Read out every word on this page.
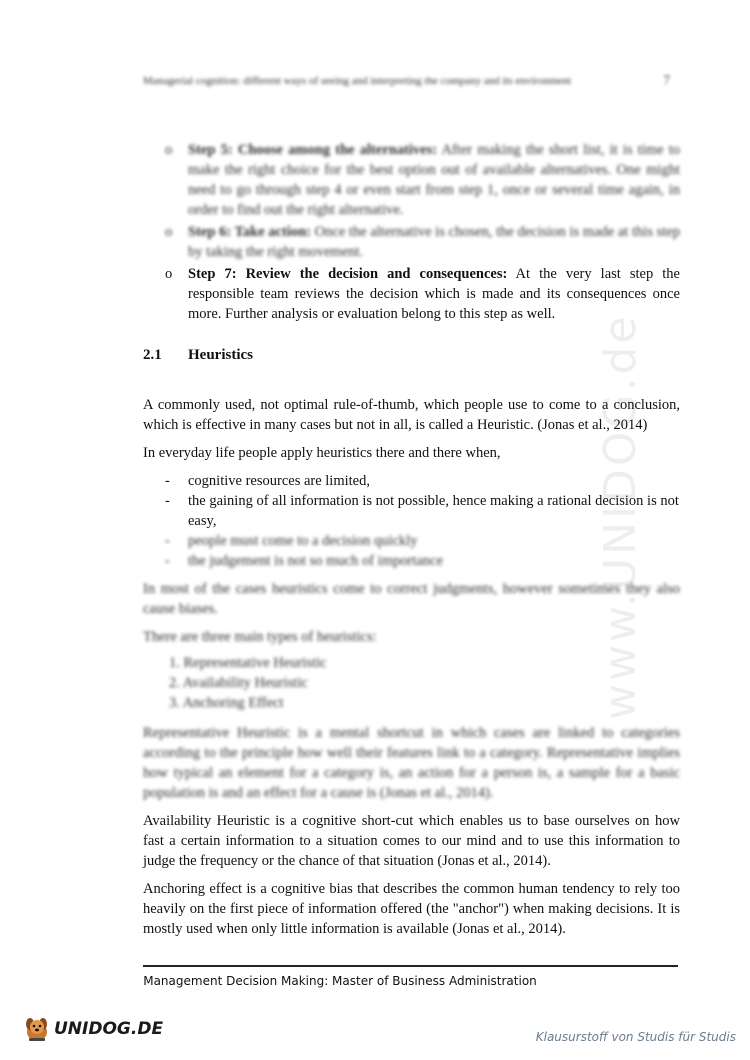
Managerial cognition: different ways of seeing and interpreting the company and its environment	7
www.UNIDOG.de
o	Step 5: Choose among the alternatives: After making the short list, it is time to make the right choice for the best option out of available alternatives. One might need to go through step 4 or even start from step 1, once or several time again, in order to find out the right alternative.
o	Step 6: Take action: Once the alternative is chosen, the decision is made at this step by taking the right movement.
o	Step 7: Review the decision and consequences: At the very last step the responsible team reviews the decision which is made and its consequences once more. Further analysis or evaluation belong to this step as well.
2.1	Heuristics

A commonly used, not optimal rule-of-thumb, which people use to come to a conclusion, which is effective in many cases but not in all, is called a Heuristic. (Jonas et al., 2014)

In everyday life people apply heuristics there and there when,

-	cognitive resources are limited,
-	the gaining of all information is not possible, hence making a rational decision is not easy,
-	people must come to a decision quickly
-	the judgement is not so much of importance

In most of the cases heuristics come to correct judgments, however sometimes they also cause biases.

There are three main types of heuristics:

1. Representative Heuristic
2. Availability Heuristic
3. Anchoring Effect

Representative Heuristic is a mental shortcut in which cases are linked to categories according to the principle how well their features link to a category. Representative implies how typical an element for a category is, an action for a person is, a sample for a basic population is and an effect for a cause is (Jonas et al., 2014).

Availability Heuristic is a cognitive short-cut which enables us to base ourselves on how fast a certain information to a situation comes to our mind and to use this information to judge the frequency or the chance of that situation (Jonas et al., 2014).

Anchoring effect is a cognitive bias that describes the common human tendency to rely too heavily on the first piece of information offered (the "anchor") when making decisions. It is mostly used when only little information is available (Jonas et al., 2014).

Management Decision Making: Master of Business Administration
UNIDOG.DE	Klausurstoff von Studis für Studis
